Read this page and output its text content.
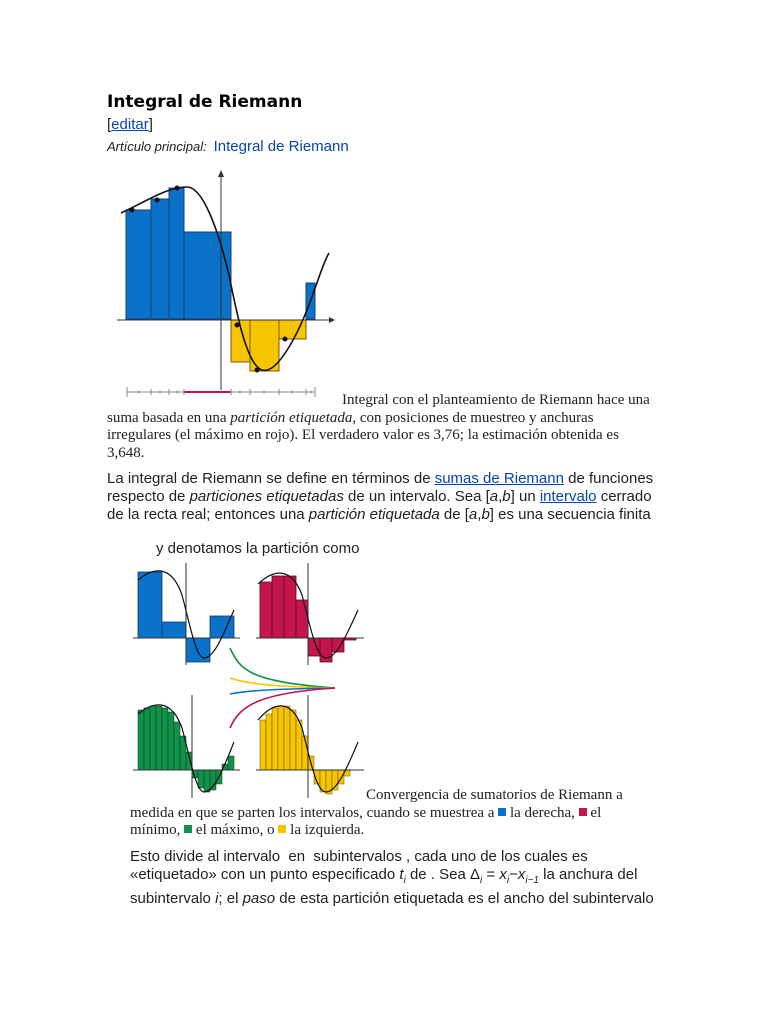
Integral de Riemann
[editar]
Artículo principal: Integral de Riemann
Integral con el planteamiento de Riemann hace una
suma basada en una partición etiquetada, con posiciones de muestreo y anchuras
irregulares (el máximo en rojo). El verdadero valor es 3,76; la estimación obtenida es
3,648.
La integral de Riemann se define en términos de sumas de Riemann de funciones
respecto de particiones etiquetadas de un intervalo. Sea [a,b] un intervalo cerrado
de la recta real; entonces una partición etiquetada de [a,b] es una secuencia finita
y denotamos la partición como
Convergencia de sumatorios de Riemann a
medida en que se parten los intervalos, cuando se muestrea a  la derecha, el
mínimo, el máximo, o la izquierda.
Esto divide al intervalo  en  subintervalos , cada uno de los cuales es
«etiquetado» con un punto especificado $t_i$ de . Sea $\Delta_i = x_i-x_{i-1}$ la anchura del
subintervalo i; el paso de esta partición etiquetada es el ancho del subintervalo
